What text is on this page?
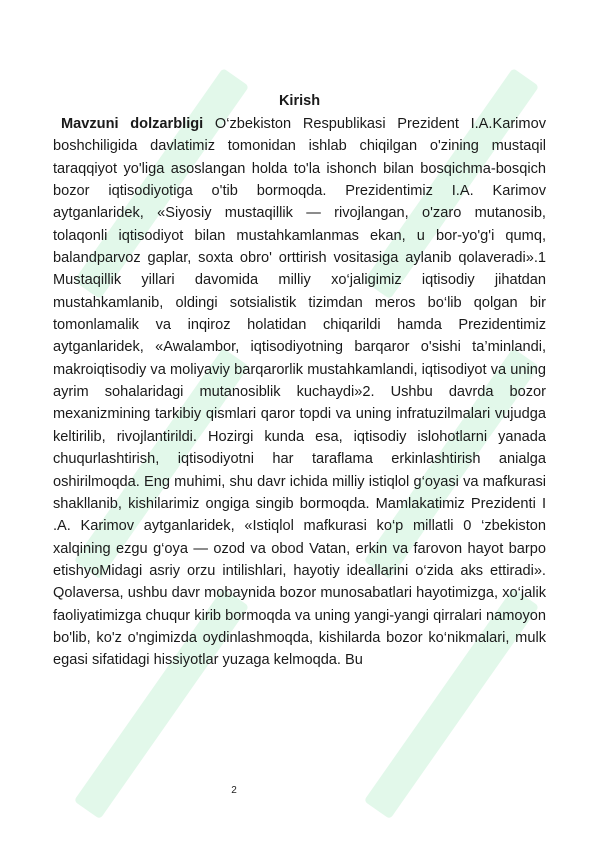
Kirish

Mavzuni dolzarbligi O‘zbekiston Respublikasi Prezident I.A.Karimov boshchiligida davlatimiz tomonidan ishlab chiqilgan o'zining mustaqil taraqqiyot yo'liga asoslangan holda to'la ishonch bilan bosqichma-bosqich bozor iqtisodiyotiga o'tib bormoqda. Prezidentimiz I.A. Karimov aytganlaridek, «Siyosiy mustaqillik — rivojlangan, o'zaro mutanosib, tolaqonli iqtisodiyot bilan mustahkamlanmas ekan, u bor-yo'g'i qumq, balandparvoz gaplar, soxta obro' orttirish vositasiga aylanib qolaveradi».1 Mustaqillik yillari davomida milliy xo‘jaligimiz iqtisodiy jihatdan mustahkamlanib, oldingi sotsialistik tizimdan meros bo‘lib qolgan bir tomonlamalik va inqiroz holatidan chiqarildi hamda Prezidentimiz aytganlaridek, «Awalambor, iqtisodiyotning barqaror o'sishi ta’minlandi, makroiqtisodiy va moliyaviy barqarorlik mustahkamlandi, iqtisodiyot va uning ayrim sohalaridagi mutanosiblik kuchaydi»2. Ushbu davrda bozor mexanizmining tarkibiy qismlari qaror topdi va uning infratuzilmalari vujudga keltirilib, rivojlantirildi. Hozirgi kunda esa, iqtisodiy islohotlarni yanada chuqurlashtirish, iqtisodiyotni har taraflama erkinlashtirish anialga oshirilmoqda. Eng muhimi, shu davr ichida milliy istiqlol g‘oyasi va mafkurasi shakllanib, kishilarimiz ongiga singib bormoqda. Mamlakatimiz Prezidenti I .A. Karimov aytganlaridek, «Istiqlol mafkurasi ko‘p millatli 0 ‘zbekiston xalqining ezgu g‘oya — ozod va obod Vatan, erkin va farovon hayot barpo etishyoMidagi asriy orzu intilishlari, hayotiy ideallarini o‘zida aks ettiradi». Qolaversa, ushbu davr mobaynida bozor munosabatlari hayotimizga, xo‘jalik faoliyatimizga chuqur kirib bormoqda va uning yangi-yangi qirralari namoyon bo'lib, ko'z o'ngimizda oydinlashmoqda, kishilarda bozor ko‘nikmalari, mulk egasi sifatidagi hissiyotlar yuzaga kelmoqda. Bu

2
